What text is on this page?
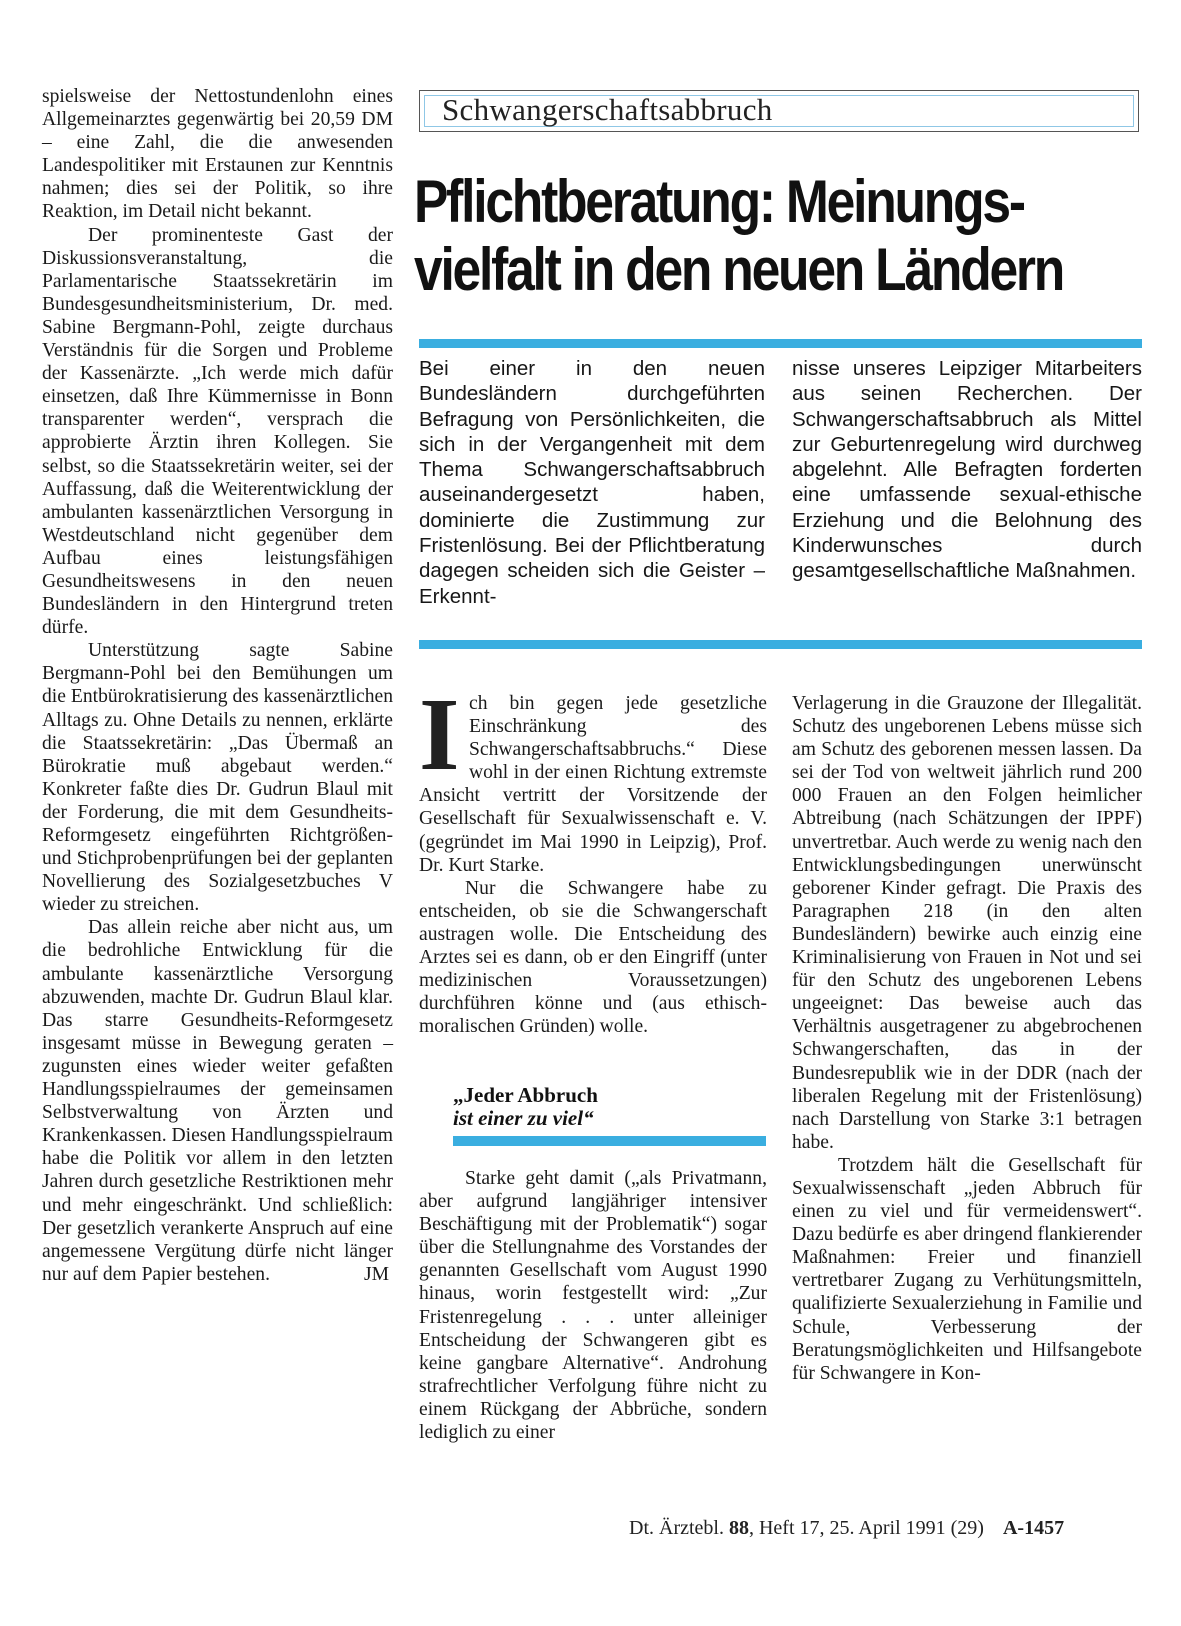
spielsweise der Nettostundenlohn eines Allgemeinarztes gegenwärtig bei 20,59 DM – eine Zahl, die die anwesenden Landespolitiker mit Erstaunen zur Kenntnis nahmen; dies sei der Politik, so ihre Reaktion, im Detail nicht bekannt.

Der prominenteste Gast der Diskussionsveranstaltung, die Parlamentarische Staatssekretärin im Bundesgesundheitsministerium, Dr. med. Sabine Bergmann-Pohl, zeigte durchaus Verständnis für die Sorgen und Probleme der Kassenärzte. „Ich werde mich dafür einsetzen, daß Ihre Kümmernisse in Bonn transparenter werden“, versprach die approbierte Ärztin ihren Kollegen. Sie selbst, so die Staatssekretärin weiter, sei der Auffassung, daß die Weiterentwicklung der ambulanten kassenärztlichen Versorgung in Westdeutschland nicht gegenüber dem Aufbau eines leistungsfähigen Gesundheitswesens in den neuen Bundesländern in den Hintergrund treten dürfe.

Unterstützung sagte Sabine Bergmann-Pohl bei den Bemühungen um die Entbürokratisierung des kassenärztlichen Alltags zu. Ohne Details zu nennen, erklärte die Staatssekretärin: „Das Übermaß an Bürokratie muß abgebaut werden.“ Konkreter faßte dies Dr. Gudrun Blaul mit der Forderung, die mit dem Gesundheits-Reformgesetz eingeführten Richtgrößen- und Stichprobenprüfungen bei der geplanten Novellierung des Sozialgesetzbuches V wieder zu streichen.

Das allein reiche aber nicht aus, um die bedrohliche Entwicklung für die ambulante kassenärztliche Versorgung abzuwenden, machte Dr. Gudrun Blaul klar. Das starre Gesundheits-Reformgesetz insgesamt müsse in Bewegung geraten – zugunsten eines wieder weiter gefaßten Handlungsspielraumes der gemeinsamen Selbstverwaltung von Ärzten und Krankenkassen. Diesen Handlungsspielraum habe die Politik vor allem in den letzten Jahren durch gesetzliche Restriktionen mehr und mehr eingeschränkt. Und schließlich: Der gesetzlich verankerte Anspruch auf eine angemessene Vergütung dürfe nicht länger nur auf dem Papier bestehen.	JM

Schwangerschaftsabbruch
Pflichtberatung: Meinungs-
vielfalt in den neuen Ländern
Bei einer in den neuen Bundesländern durchgeführten Befragung von Persönlichkeiten, die sich in der Vergangenheit mit dem Thema Schwangerschaftsabbruch auseinandergesetzt haben, dominierte die Zustimmung zur Fristenlösung. Bei der Pflichtberatung dagegen scheiden sich die Geister – Erkennt-
nisse unseres Leipziger Mitarbeiters aus seinen Recherchen. Der Schwangerschaftsabbruch als Mittel zur Geburtenregelung wird durchweg abgelehnt. Alle Befragten forderten eine umfassende sexual-ethische Erziehung und die Belohnung des Kinderwunsches durch gesamtgesellschaftliche Maßnahmen.

Ich bin gegen jede gesetzliche Einschränkung des Schwangerschaftsabbruchs.“ Diese wohl in der einen Richtung extremste Ansicht vertritt der Vorsitzende der Gesellschaft für Sexualwissenschaft e. V. (gegründet im Mai 1990 in Leipzig), Prof. Dr. Kurt Starke.

Nur die Schwangere habe zu entscheiden, ob sie die Schwangerschaft austragen wolle. Die Entscheidung des Arztes sei es dann, ob er den Eingriff (unter medizinischen Voraussetzungen) durchführen könne und (aus ethisch-moralischen Gründen) wolle.

„Jeder Abbruch
ist einer zu viel“

Starke geht damit („als Privatmann, aber aufgrund langjähriger intensiver Beschäftigung mit der Problematik“) sogar über die Stellungnahme des Vorstandes der genannten Gesellschaft vom August 1990 hinaus, worin festgestellt wird: „Zur Fristenregelung . . . unter alleiniger Entscheidung der Schwangeren gibt es keine gangbare Alternative“. Androhung strafrechtlicher Verfolgung führe nicht zu einem Rückgang der Abbrüche, sondern lediglich zu einer

Verlagerung in die Grauzone der Illegalität. Schutz des ungeborenen Lebens müsse sich am Schutz des geborenen messen lassen. Da sei der Tod von weltweit jährlich rund 200 000 Frauen an den Folgen heimlicher Abtreibung (nach Schätzungen der IPPF) unvertretbar. Auch werde zu wenig nach den Entwicklungsbedingungen unerwünscht geborener Kinder gefragt. Die Praxis des Paragraphen 218 (in den alten Bundesländern) bewirke auch einzig eine Kriminalisierung von Frauen in Not und sei für den Schutz des ungeborenen Lebens ungeeignet: Das beweise auch das Verhältnis ausgetragener zu abgebrochenen Schwangerschaften, das in der Bundesrepublik wie in der DDR (nach der liberalen Regelung mit der Fristenlösung) nach Darstellung von Starke 3:1 betragen habe.

Trotzdem hält die Gesellschaft für Sexualwissenschaft „jeden Abbruch für einen zu viel und für vermeidenswert“. Dazu bedürfe es aber dringend flankierender Maßnahmen: Freier und finanziell vertretbarer Zugang zu Verhütungsmitteln, qualifizierte Sexualerziehung in Familie und Schule, Verbesserung der Beratungsmöglichkeiten und Hilfsangebote für Schwangere in Kon-

Dt. Ärztebl. 88, Heft 17, 25. April 1991 (29) A-1457
